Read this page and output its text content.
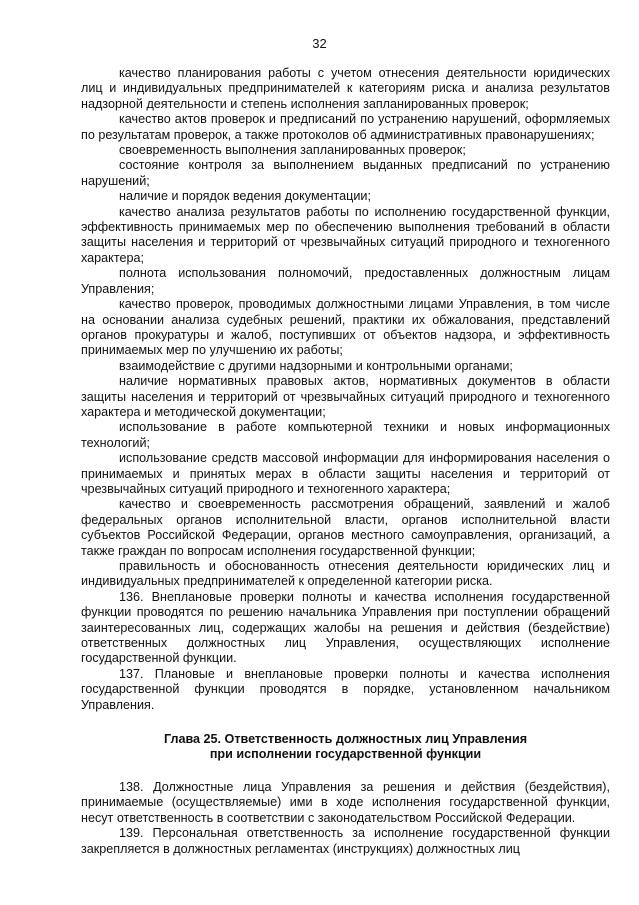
32

качество планирования работы с учетом отнесения деятельности юридических лиц и индивидуальных предпринимателей к категориям риска и анализа результатов надзорной деятельности и степень исполнения запланированных проверок;

качество актов проверок и предписаний по устранению нарушений, оформляемых по результатам проверок, а также протоколов об административных правонарушениях;

своевременность выполнения запланированных проверок;

состояние контроля за выполнением выданных предписаний по устранению нарушений;

наличие и порядок ведения документации;

качество анализа результатов работы по исполнению государственной функции, эффективность принимаемых мер по обеспечению выполнения требований в области защиты населения и территорий от чрезвычайных ситуаций природного и техногенного характера;

полнота использования полномочий, предоставленных должностным лицам Управления;

качество проверок, проводимых должностными лицами Управления, в том числе на основании анализа судебных решений, практики их обжалования, представлений органов прокуратуры и жалоб, поступивших от объектов надзора, и эффективность принимаемых мер по улучшению их работы;

взаимодействие с другими надзорными и контрольными органами;

наличие нормативных правовых актов, нормативных документов в области защиты населения и территорий от чрезвычайных ситуаций природного и техногенного характера и методической документации;

использование в работе компьютерной техники и новых информационных технологий;

использование средств массовой информации для информирования населения о принимаемых и принятых мерах в области защиты населения и территорий от чрезвычайных ситуаций природного и техногенного характера;

качество и своевременность рассмотрения обращений, заявлений и жалоб федеральных органов исполнительной власти, органов исполнительной власти субъектов Российской Федерации, органов местного самоуправления, организаций, а также граждан по вопросам исполнения государственной функции;

правильность и обоснованность отнесения деятельности юридических лиц и индивидуальных предпринимателей к определенной категории риска.

136. Внеплановые проверки полноты и качества исполнения государственной функции проводятся по решению начальника Управления при поступлении обращений заинтересованных лиц, содержащих жалобы на решения и действия (бездействие) ответственных должностных лиц Управления, осуществляющих исполнение государственной функции.

137. Плановые и внеплановые проверки полноты и качества исполнения государственной функции проводятся в порядке, установленном начальником Управления.

Глава 25. Ответственность должностных лиц Управления
при исполнении государственной функции

138. Должностные лица Управления за решения и действия (бездействия), принимаемые (осуществляемые) ими в ходе исполнения государственной функции, несут ответственность в соответствии с законодательством Российской Федерации.

139. Персональная ответственность за исполнение государственной функции закрепляется в должностных регламентах (инструкциях) должностных лиц
